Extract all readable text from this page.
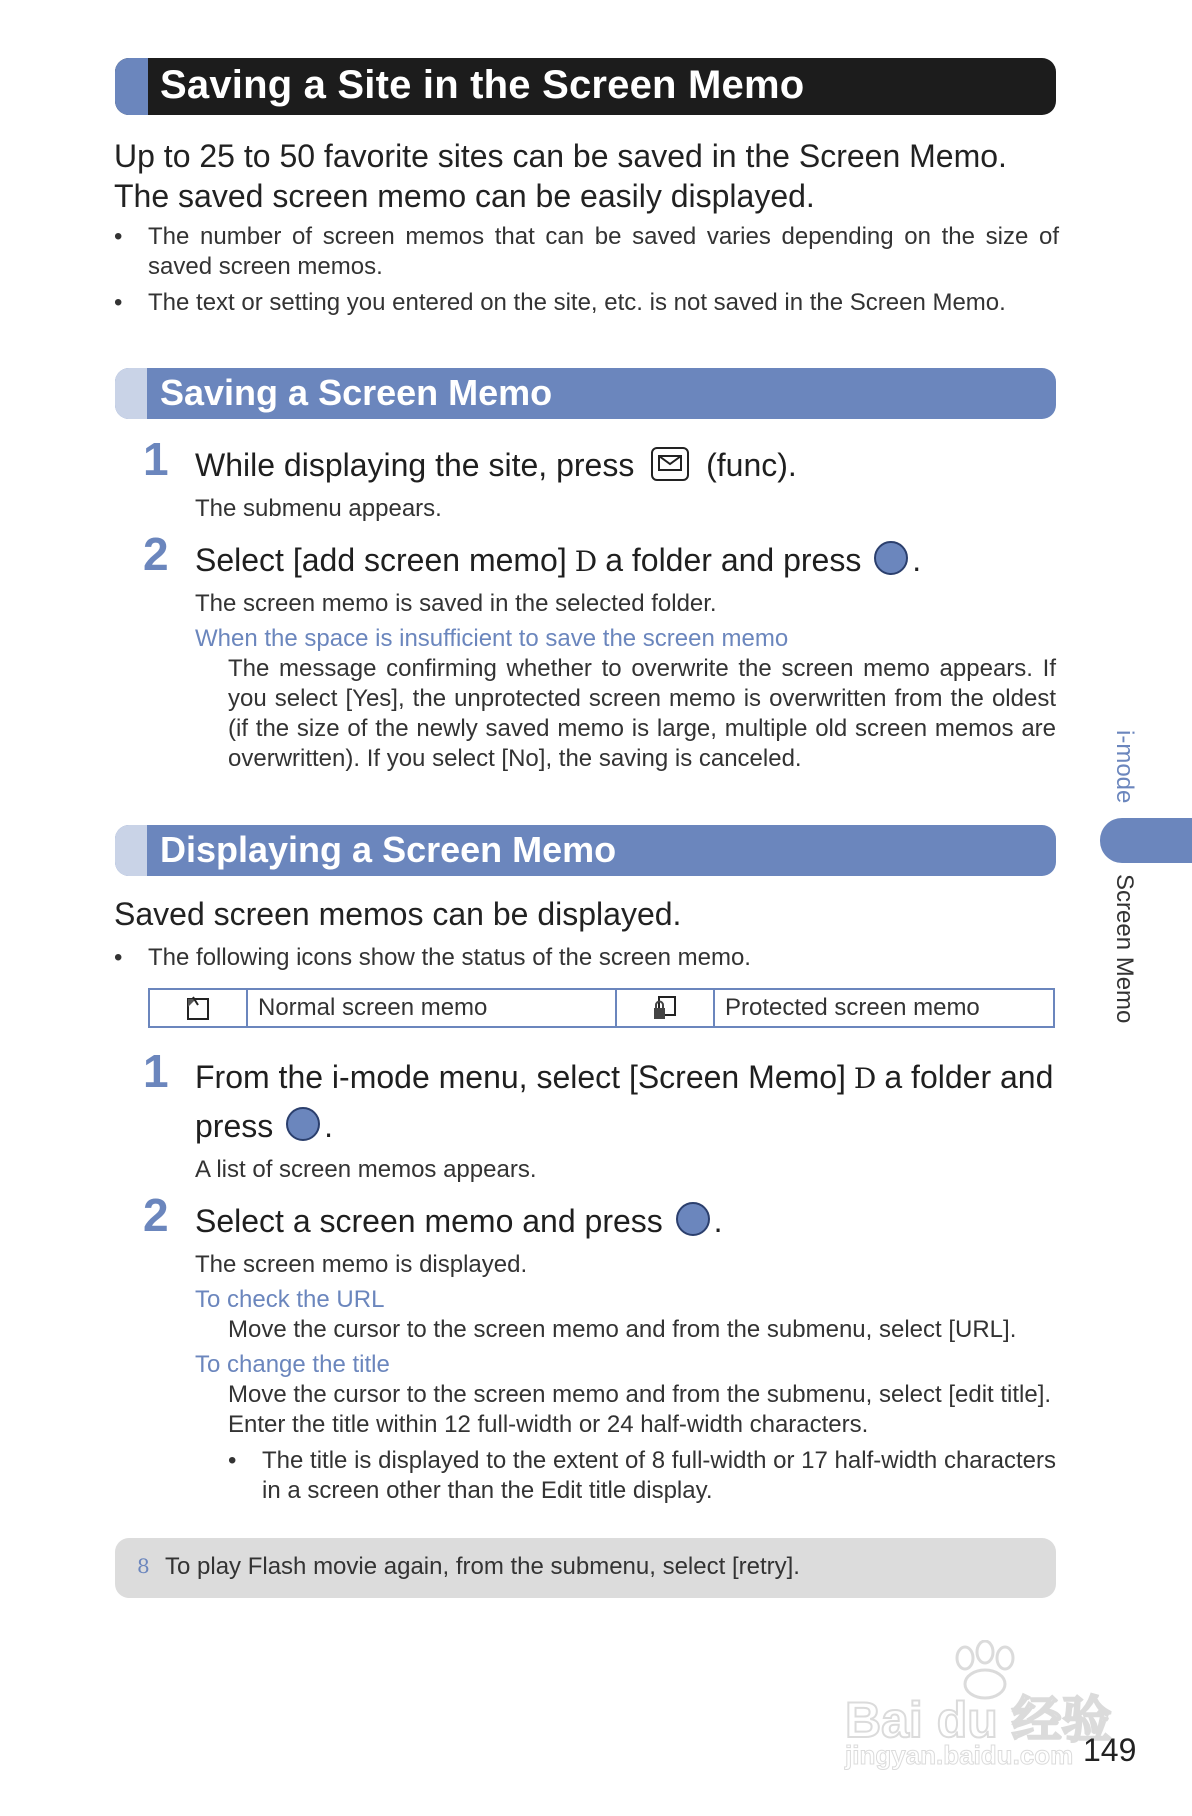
Saving a Site in the Screen Memo
Up to 25 to 50 favorite sites can be saved in the Screen Memo. The saved screen memo can be easily displayed.
• The number of screen memos that can be saved varies depending on the size of saved screen memos.
• The text or setting you entered on the site, etc. is not saved in the Screen Memo.
Saving a Screen Memo
1 While displaying the site, press (func).
The submenu appears.
2 Select [add screen memo] D a folder and press .
The screen memo is saved in the selected folder.
When the space is insufficient to save the screen memo
The message confirming whether to overwrite the screen memo appears. If you select [Yes], the unprotected screen memo is overwritten from the oldest (if the size of the newly saved memo is large, multiple old screen memos are overwritten). If you select [No], the saving is canceled.
Displaying a Screen Memo
Saved screen memos can be displayed.
• The following icons show the status of the screen memo.
Normal screen memo	Protected screen memo
1 From the i-mode menu, select [Screen Memo] D a folder and
press .
A list of screen memos appears.
2 Select a screen memo and press .
The screen memo is displayed.
To check the URL
Move the cursor to the screen memo and from the submenu, select [URL].
To change the title
Move the cursor to the screen memo and from the submenu, select [edit title].
Enter the title within 12 full-width or 24 half-width characters.
• The title is displayed to the extent of 8 full-width or 17 half-width characters in a screen other than the Edit title display.
8 To play Flash movie again, from the submenu, select [retry].
i-mode
Screen Memo
Bai du 经验
jingyan.baidu.com 149
